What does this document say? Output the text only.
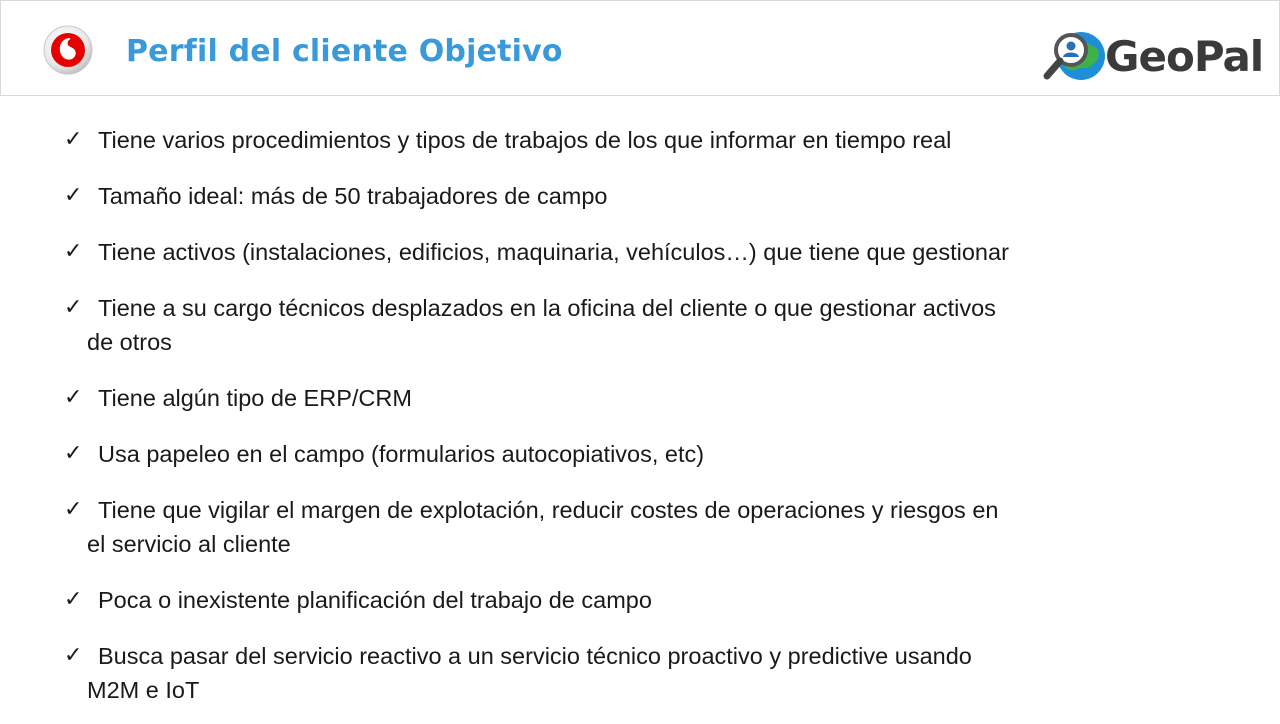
Perfil del cliente Objetivo	GeoPal
✓ Tiene varios procedimientos y tipos de trabajos de los que informar en tiempo real
✓ Tamaño ideal: más de 50 trabajadores de campo
✓ Tiene activos (instalaciones, edificios, maquinaria, vehículos…) que tiene que gestionar
✓ Tiene a su cargo técnicos desplazados en la oficina del cliente o que gestionar activos
de otros
✓ Tiene algún tipo de ERP/CRM
✓ Usa papeleo en el campo (formularios autocopiativos, etc)
✓ Tiene que vigilar el margen de explotación, reducir costes de operaciones y riesgos en
el servicio al cliente
✓ Poca o inexistente planificación del trabajo de campo
✓ Busca pasar del servicio reactivo a un servicio técnico proactivo y predictive usando
M2M e IoT
